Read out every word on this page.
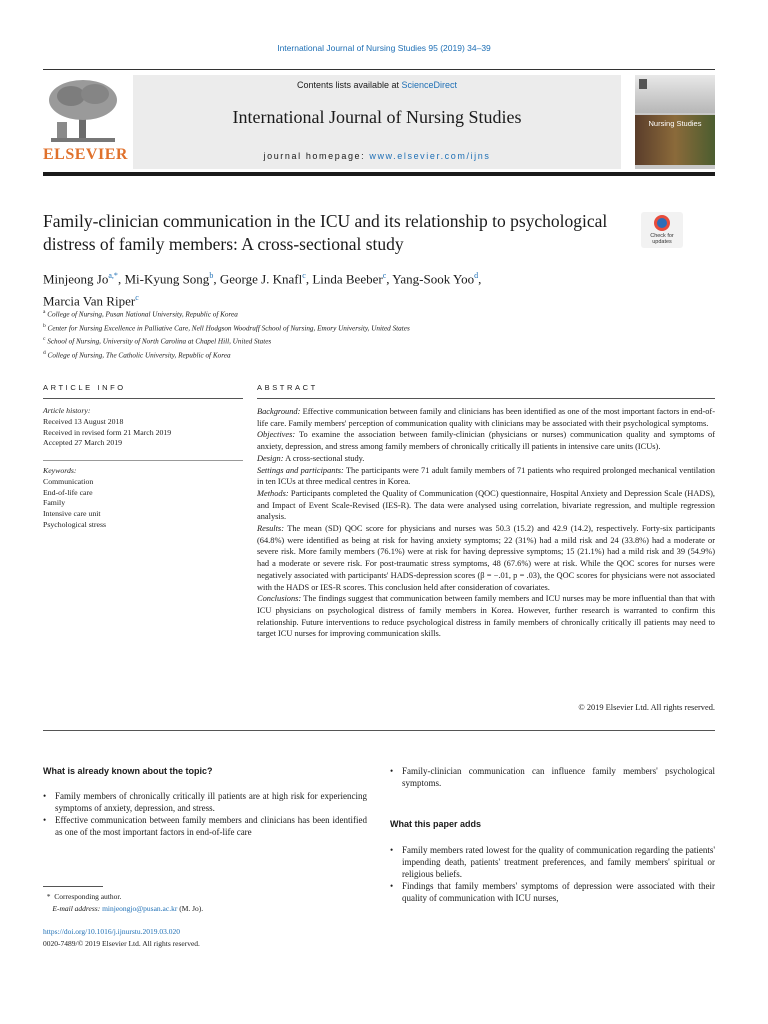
International Journal of Nursing Studies 95 (2019) 34–39
ELSEVIER
Contents lists available at ScienceDirect
International Journal of Nursing Studies
journal homepage: www.elsevier.com/ijns
Nursing Studies
Family-clinician communication in the ICU and its relationship to psychological distress of family members: A cross-sectional study	Check for updates
Minjeong $Jo^{a,*}$, Mi-Kyung Song$^b$, George J. Knafl$^c$, Linda Beeber$^c$, Yang-Sook Yoo$^d$,
Marcia Van Riper$^c$
$^a$ College of Nursing, Pusan National University, Republic of Korea
$^b$ Center for Nursing Excellence in Palliative Care, Nell Hodgson Woodruff School of Nursing, Emory University, United States
$^c$ School of Nursing, University of North Carolina at Chapel Hill, United States
$^d$ College of Nursing, The Catholic University, Republic of Korea
ARTICLE INFO	ABSTRACT
Article history:
Received 13 August 2018
Received in revised form 21 March 2019
Accepted 27 March 2019
Keywords:
Communication
End-of-life care
Family
Intensive care unit
Psychological stress
Background: Effective communication between family and clinicians has been identified as one of the most important factors in end-of-life care. Family members' perception of communication quality with clinicians may be associated with their psychological symptoms.
Objectives: To examine the association between family-clinician (physicians or nurses) communication quality and symptoms of anxiety, depression, and stress among family members of chronically critically ill patients in intensive care units (ICUs).
Design: A cross-sectional study.
Settings and participants: The participants were 71 adult family members of 71 patients who required prolonged mechanical ventilation in ten ICUs at three medical centres in Korea.
Methods: Participants completed the Quality of Communication (QOC) questionnaire, Hospital Anxiety and Depression Scale (HADS), and Impact of Event Scale-Revised (IES-R). The data were analysed using correlation, bivariate regression, and multiple regression analysis.
Results: The mean (SD) QOC score for physicians and nurses was 50.3 (15.2) and 42.9 (14.2), respectively. Forty-six participants (64.8%) were identified as being at risk for having anxiety symptoms; 22 (31%) had a mild risk and 24 (33.8%) had a moderate or severe risk. More family members (76.1%) were at risk for having depressive symptoms; 15 (21.1%) had a mild risk and 39 (54.9%) had a moderate or severe risk. For post-traumatic stress symptoms, 48 (67.6%) were at risk. While the QOC scores for nurses were negatively associated with participants' HADS-depression scores (β = −.01, p = .03), the QOC scores for physicians were not associated with the HADS or IES-R scores. This conclusion held after consideration of covariates.
Conclusions: The findings suggest that communication between family members and ICU nurses may be more influential than that with ICU physicians on psychological distress of family members in Korea. However, further research is warranted to confirm this relationship. Future interventions to reduce psychological distress in family members of chronically critically ill patients may need to target ICU nurses for improving communication skills.
© 2019 Elsevier Ltd. All rights reserved.
What is already known about the topic?
• Family members of chronically critically ill patients are at high risk for experiencing symptoms of anxiety, depression, and stress.
• Effective communication between family members and clinicians has been identified as one of the most important factors in end-of-life care
• Family-clinician communication can influence family members' psychological symptoms.
What this paper adds
• Family members rated lowest for the quality of communication regarding the patients' impending death, patients' treatment preferences, and family members' spiritual or religious beliefs.
• Findings that family members' symptoms of depression were associated with their quality of communication with ICU nurses,
* Corresponding author.
E-mail address: minjeongjo@pusan.ac.kr (M. Jo).
https://doi.org/10.1016/j.ijnurstu.2019.03.020
0020-7489/© 2019 Elsevier Ltd. All rights reserved.
